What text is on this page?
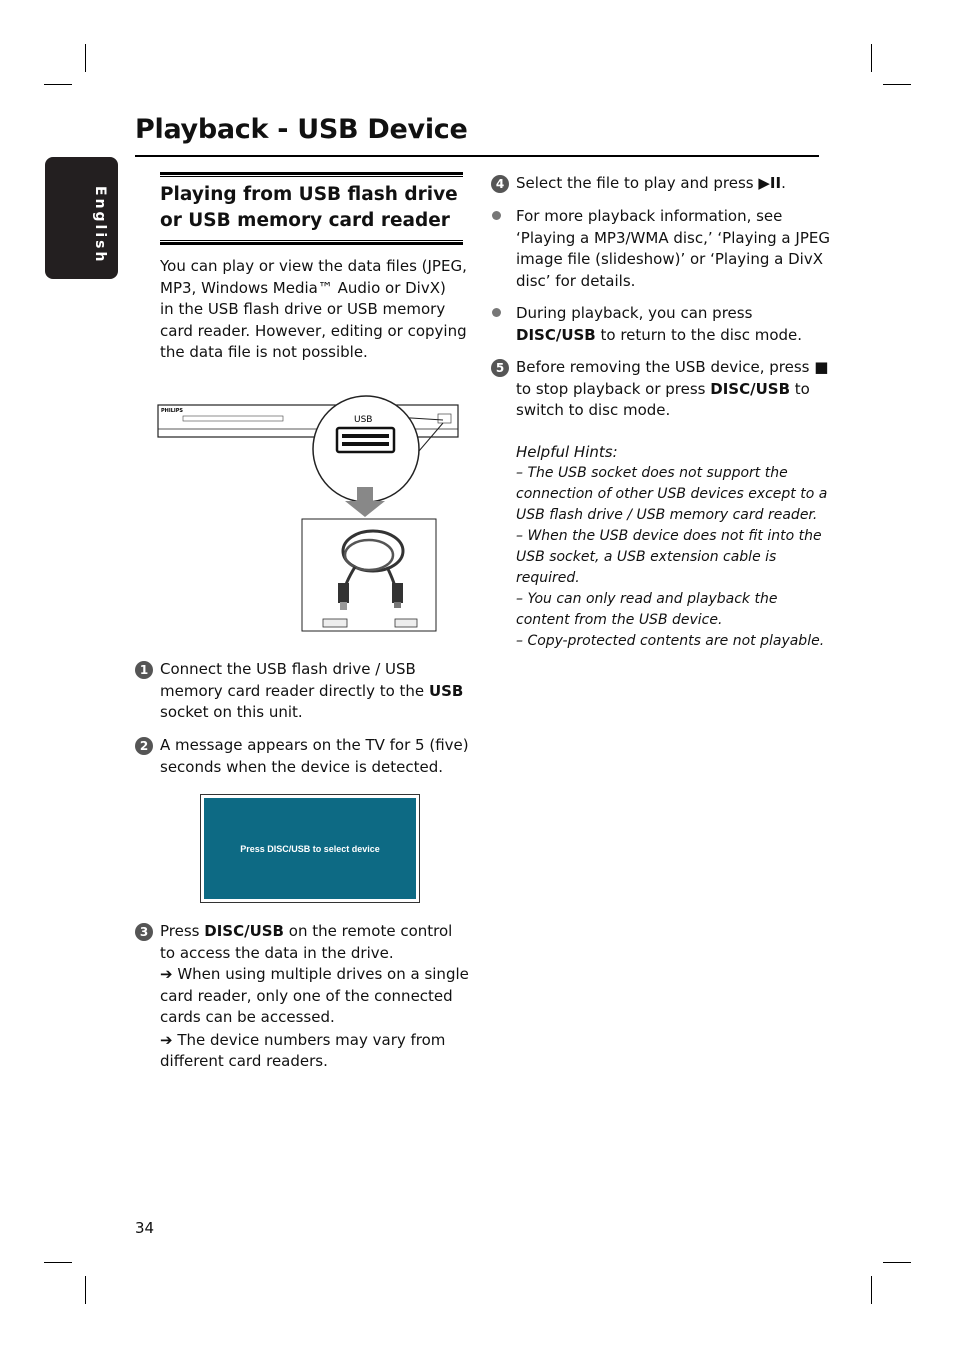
Playback - USB Device
English	Playing from USB flash drive
or USB memory card reader
You can play or view the data files (JPEG,
MP3, Windows Media™ Audio or DivX)
in the USB flash drive or USB memory
card reader. However, editing or copying
the data file is not possible.
PHILIPS
USB
1 Connect the USB flash drive / USB
memory card reader directly to the USB
socket on this unit.
2 A message appears on the TV for 5 (five)
seconds when the device is detected.
Press DISC/USB to select device
3 Press DISC/USB on the remote control
to access the data in the drive.
➔ When using multiple drives on a single
card reader, only one of the connected
cards can be accessed.
➔ The device numbers may vary from
different card readers.
4 Select the file to play and press ▶II.
For more playback information, see
‘Playing a MP3/WMA disc,’ ‘Playing a JPEG
image file (slideshow)’ or ‘Playing a DivX
disc’ for details.
During playback, you can press
DISC/USB to return to the disc mode.
5 Before removing the USB device, press ■
to stop playback or press DISC/USB to
switch to disc mode.
Helpful Hints:
– The USB socket does not support the
connection of other USB devices except to a
USB flash drive / USB memory card reader.
– When the USB device does not fit into the
USB socket, a USB extension cable is
required.
– You can only read and playback the
content from the USB device.
– Copy-protected contents are not playable.
34
